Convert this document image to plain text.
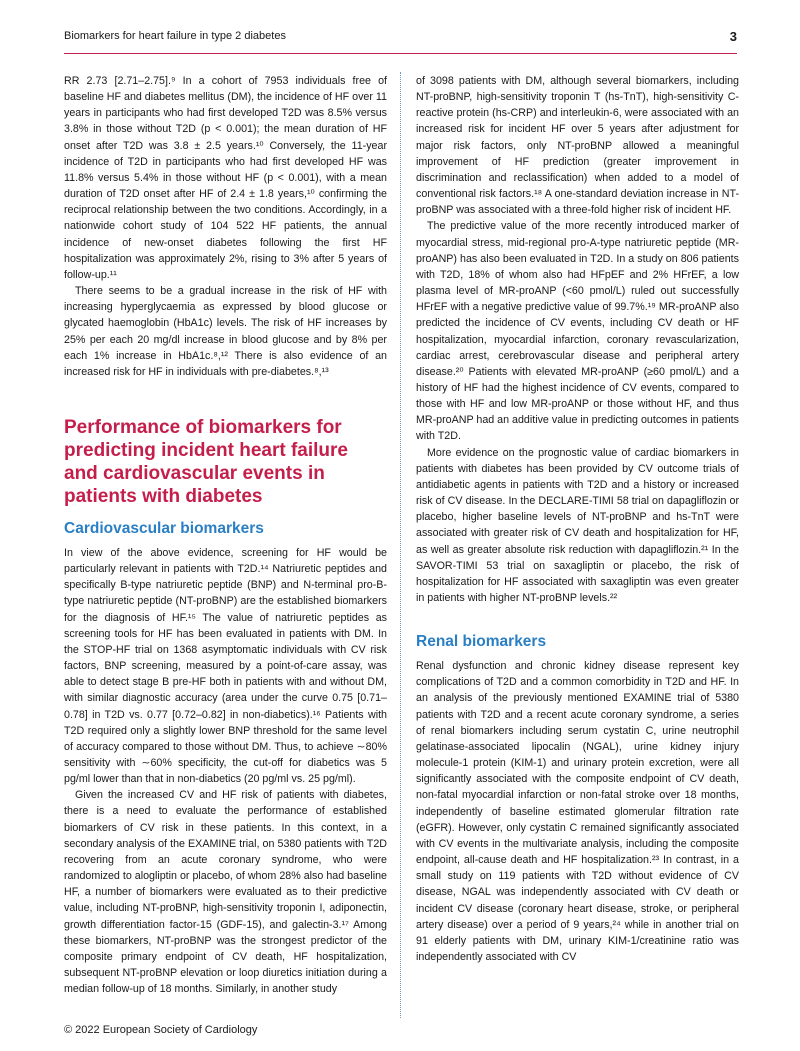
Biomarkers for heart failure in type 2 diabetes	3

RR 2.73 [2.71–2.75].⁹ In a cohort of 7953 individuals free of baseline HF and diabetes mellitus (DM), the incidence of HF over 11 years in participants who had first developed T2D was 8.5% versus 3.8% in those without T2D (p < 0.001); the mean duration of HF onset after T2D was 3.8 ± 2.5 years.¹⁰ Conversely, the 11-year incidence of T2D in participants who had first developed HF was 11.8% versus 5.4% in those without HF (p < 0.001), with a mean duration of T2D onset after HF of 2.4 ± 1.8 years,¹⁰ confirming the reciprocal relationship between the two conditions. Accordingly, in a nationwide cohort study of 104 522 HF patients, the annual incidence of new-onset diabetes following the first HF hospitalization was approximately 2%, rising to 3% after 5 years of follow-up.¹¹

There seems to be a gradual increase in the risk of HF with increasing hyperglycaemia as expressed by blood glucose or glycated haemoglobin (HbA1c) levels. The risk of HF increases by 25% per each 20 mg/dl increase in blood glucose and by 8% per each 1% increase in HbA1c.⁸,¹² There is also evidence of an increased risk for HF in individuals with pre-diabetes.⁸,¹³

Performance of biomarkers for predicting incident heart failure and cardiovascular events in patients with diabetes
Cardiovascular biomarkers

In view of the above evidence, screening for HF would be particularly relevant in patients with T2D.¹⁴ Natriuretic peptides and specifically B-type natriuretic peptide (BNP) and N-terminal pro-B-type natriuretic peptide (NT-proBNP) are the established biomarkers for the diagnosis of HF.¹⁵ The value of natriuretic peptides as screening tools for HF has been evaluated in patients with DM. In the STOP-HF trial on 1368 asymptomatic individuals with CV risk factors, BNP screening, measured by a point-of-care assay, was able to detect stage B pre-HF both in patients with and without DM, with similar diagnostic accuracy (area under the curve 0.75 [0.71–0.78] in T2D vs. 0.77 [0.72–0.82] in non-diabetics).¹⁶ Patients with T2D required only a slightly lower BNP threshold for the same level of accuracy compared to those without DM. Thus, to achieve ∼80% sensitivity with ∼60% specificity, the cut-off for diabetics was 5 pg/ml lower than that in non-diabetics (20 pg/ml vs. 25 pg/ml).

Given the increased CV and HF risk of patients with diabetes, there is a need to evaluate the performance of established biomarkers of CV risk in these patients. In this context, in a secondary analysis of the EXAMINE trial, on 5380 patients with T2D recovering from an acute coronary syndrome, who were randomized to alogliptin or placebo, of whom 28% also had baseline HF, a number of biomarkers were evaluated as to their predictive value, including NT-proBNP, high-sensitivity troponin I, adiponectin, growth differentiation factor-15 (GDF-15), and galectin-3.¹⁷ Among these biomarkers, NT-proBNP was the strongest predictor of the composite primary endpoint of CV death, HF hospitalization, subsequent NT-proBNP elevation or loop diuretics initiation during a median follow-up of 18 months. Similarly, in another study

of 3098 patients with DM, although several biomarkers, including NT-proBNP, high-sensitivity troponin T (hs-TnT), high-sensitivity C-reactive protein (hs-CRP) and interleukin-6, were associated with an increased risk for incident HF over 5 years after adjustment for major risk factors, only NT-proBNP allowed a meaningful improvement of HF prediction (greater improvement in discrimination and reclassification) when added to a model of conventional risk factors.¹⁸ A one-standard deviation increase in NT-proBNP was associated with a three-fold higher risk of incident HF.

The predictive value of the more recently introduced marker of myocardial stress, mid-regional pro-A-type natriuretic peptide (MR-proANP) has also been evaluated in T2D. In a study on 806 patients with T2D, 18% of whom also had HFpEF and 2% HFrEF, a low plasma level of MR-proANP (<60 pmol/L) ruled out successfully HFrEF with a negative predictive value of 99.7%.¹⁹ MR-proANP also predicted the incidence of CV events, including CV death or HF hospitalization, myocardial infarction, coronary revascularization, cardiac arrest, cerebrovascular disease and peripheral artery disease.²⁰ Patients with elevated MR-proANP (≥60 pmol/L) and a history of HF had the highest incidence of CV events, compared to those with HF and low MR-proANP or those without HF, and thus MR-proANP had an additive value in predicting outcomes in patients with T2D.

More evidence on the prognostic value of cardiac biomarkers in patients with diabetes has been provided by CV outcome trials of antidiabetic agents in patients with T2D and a history or increased risk of CV disease. In the DECLARE-TIMI 58 trial on dapagliflozin or placebo, higher baseline levels of NT-proBNP and hs-TnT were associated with greater risk of CV death and hospitalization for HF, as well as greater absolute risk reduction with dapagliflozin.²¹ In the SAVOR-TIMI 53 trial on saxagliptin or placebo, the risk of hospitalization for HF associated with saxagliptin was even greater in patients with higher NT-proBNP levels.²²

Renal biomarkers

Renal dysfunction and chronic kidney disease represent key complications of T2D and a common comorbidity in T2D and HF. In an analysis of the previously mentioned EXAMINE trial of 5380 patients with T2D and a recent acute coronary syndrome, a series of renal biomarkers including serum cystatin C, urine neutrophil gelatinase-associated lipocalin (NGAL), urine kidney injury molecule-1 protein (KIM-1) and urinary protein excretion, were all significantly associated with the composite endpoint of CV death, non-fatal myocardial infarction or non-fatal stroke over 18 months, independently of baseline estimated glomerular filtration rate (eGFR). However, only cystatin C remained significantly associated with CV events in the multivariate analysis, including the composite endpoint, all-cause death and HF hospitalization.²³ In contrast, in a small study on 119 patients with T2D without evidence of CV disease, NGAL was independently associated with CV death or incident CV disease (coronary heart disease, stroke, or peripheral artery disease) over a period of 9 years,²⁴ while in another trial on 91 elderly patients with DM, urinary KIM-1/creatinine ratio was independently associated with CV

© 2022 European Society of Cardiology
